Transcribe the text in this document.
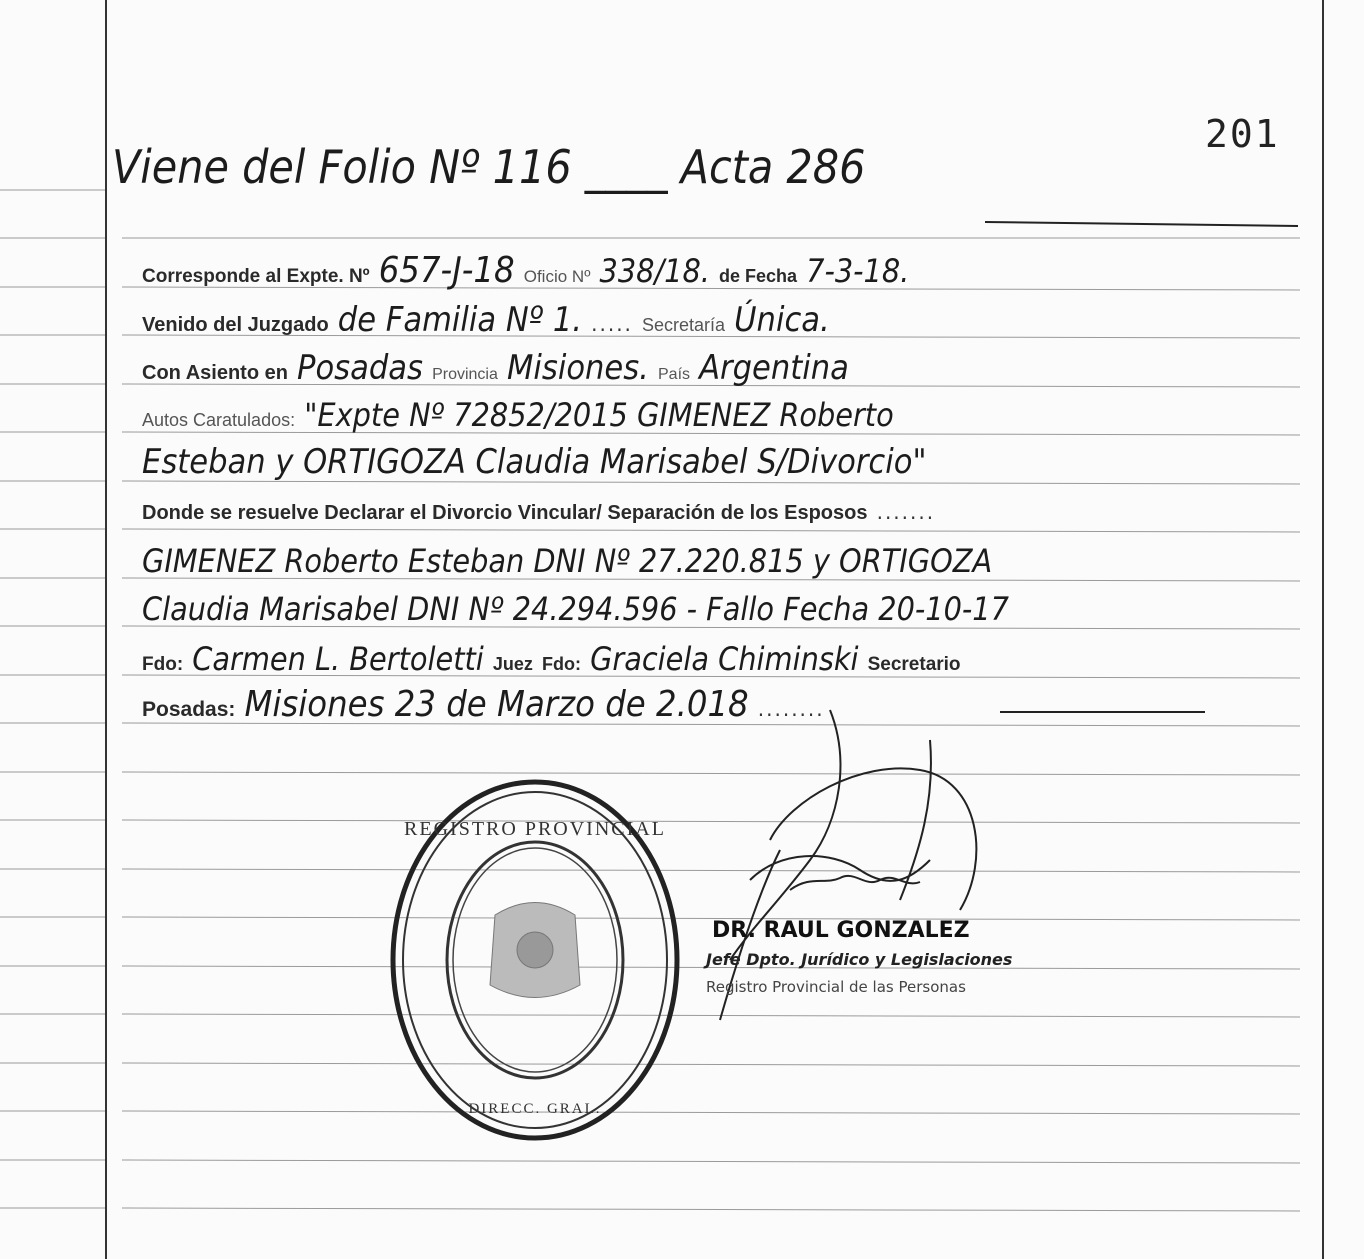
201
Viene del Folio Nº 116 ____ Acta 286
Corresponde al Expte. Nº 657-J-18 Oficio Nº 338/18. de Fecha 7-3-18.
Venido del Juzgado de Familia Nº 1. ..... Secretaría Única.
Con Asiento en Posadas Provincia Misiones. País Argentina
Autos Caratulados: "Expte Nº 72852/2015 GIMENEZ Roberto
Esteban y ORTIGOZA Claudia Marisabel S/Divorcio"
Donde se resuelve Declarar el Divorcio Vincular/ Separación de los Esposos .......
GIMENEZ Roberto Esteban DNI Nº 27.220.815 y ORTIGOZA
Claudia Marisabel DNI Nº 24.294.596 - Fallo Fecha 20-10-17
Fdo: Carmen L. Bertoletti Juez Fdo: Graciela Chiminski Secretario
Posadas: Misiones 23 de Marzo de 2.018 ........
REGISTRO PROVINCIAL
DIRECC. GRAL.
DR. RAUL GONZALEZ
Jefe Dpto. Jurídico y Legislaciones
Registro Provincial de las Personas
